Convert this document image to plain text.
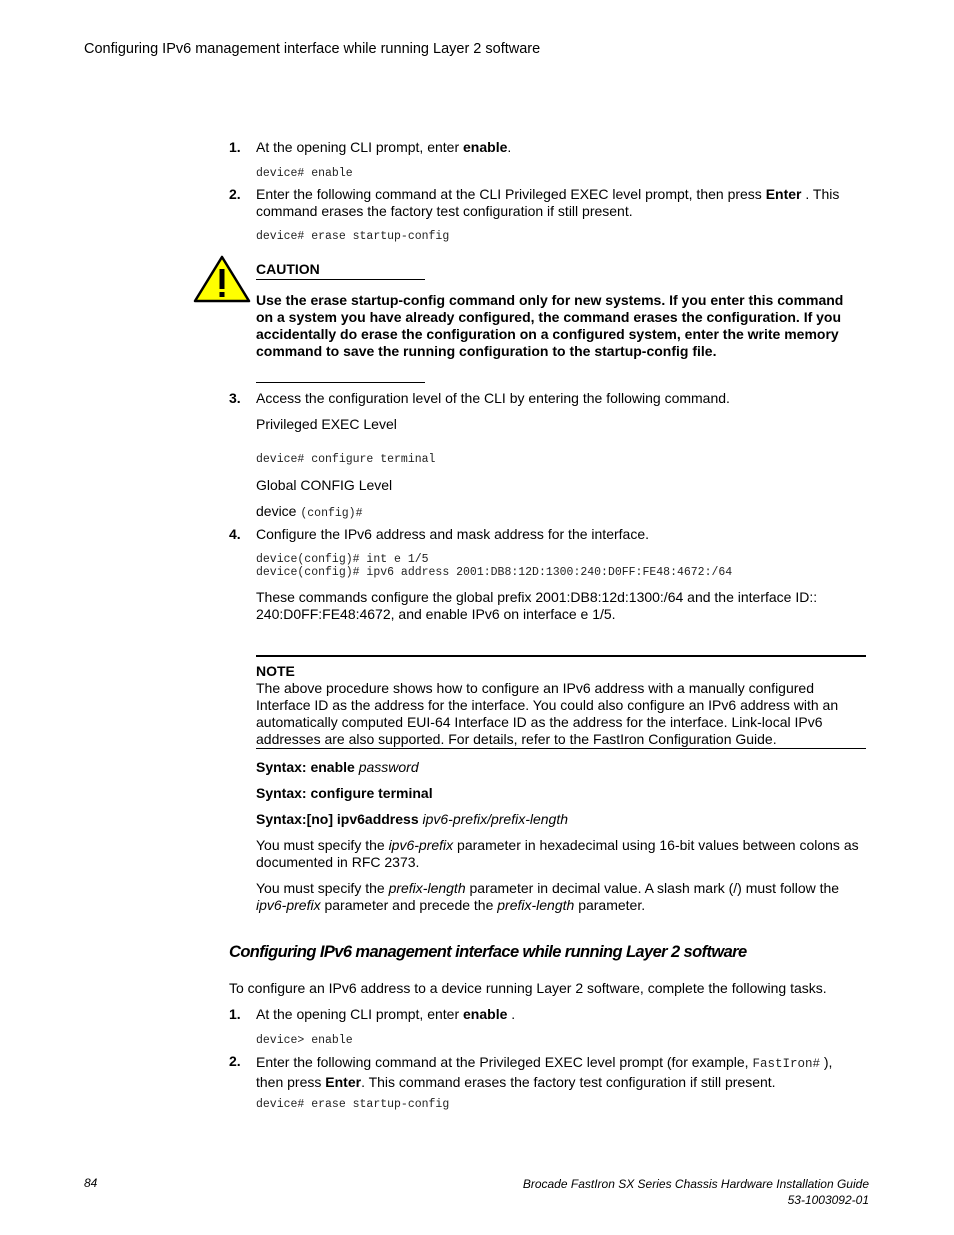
Configuring IPv6 management interface while running Layer 2 software
1. At the opening CLI prompt, enter enable.
device# enable
2. Enter the following command at the CLI Privileged EXEC level prompt, then press Enter . This
command erases the factory test configuration if still present.
device# erase startup-config
CAUTION
Use the erase startup-config command only for new systems. If you enter this command
on a system you have already configured, the command erases the configuration. If you
accidentally do erase the configuration on a configured system, enter the write memory
command to save the running configuration to the startup-config file.
3. Access the configuration level of the CLI by entering the following command.
Privileged EXEC Level
device# configure terminal
Global CONFIG Level
device (config)#
4. Configure the IPv6 address and mask address for the interface.
device(config)# int e 1/5
device(config)# ipv6 address 2001:DB8:12D:1300:240:D0FF:FE48:4672:/64
These commands configure the global prefix 2001:DB8:12d:1300:/64 and the interface ID::
240:D0FF:FE48:4672, and enable IPv6 on interface e 1/5.
NOTE
The above procedure shows how to configure an IPv6 address with a manually configured
Interface ID as the address for the interface. You could also configure an IPv6 address with an
automatically computed EUI-64 Interface ID as the address for the interface. Link-local IPv6
addresses are also supported. For details, refer to the FastIron Configuration Guide.
Syntax: enable password
Syntax: configure terminal
Syntax:[no] ipv6address ipv6-prefix/prefix-length
You must specify the ipv6-prefix parameter in hexadecimal using 16-bit values between colons as
documented in RFC 2373.
You must specify the prefix-length parameter in decimal value. A slash mark (/) must follow the
ipv6-prefix parameter and precede the prefix-length parameter.
Configuring IPv6 management interface while running Layer 2 software
To configure an IPv6 address to a device running Layer 2 software, complete the following tasks.
1. At the opening CLI prompt, enter enable .
device> enable
2. Enter the following command at the Privileged EXEC level prompt (for example, FastIron# ),
then press Enter. This command erases the factory test configuration if still present.
device# erase startup-config
84	Brocade FastIron SX Series Chassis Hardware Installation Guide
53-1003092-01
